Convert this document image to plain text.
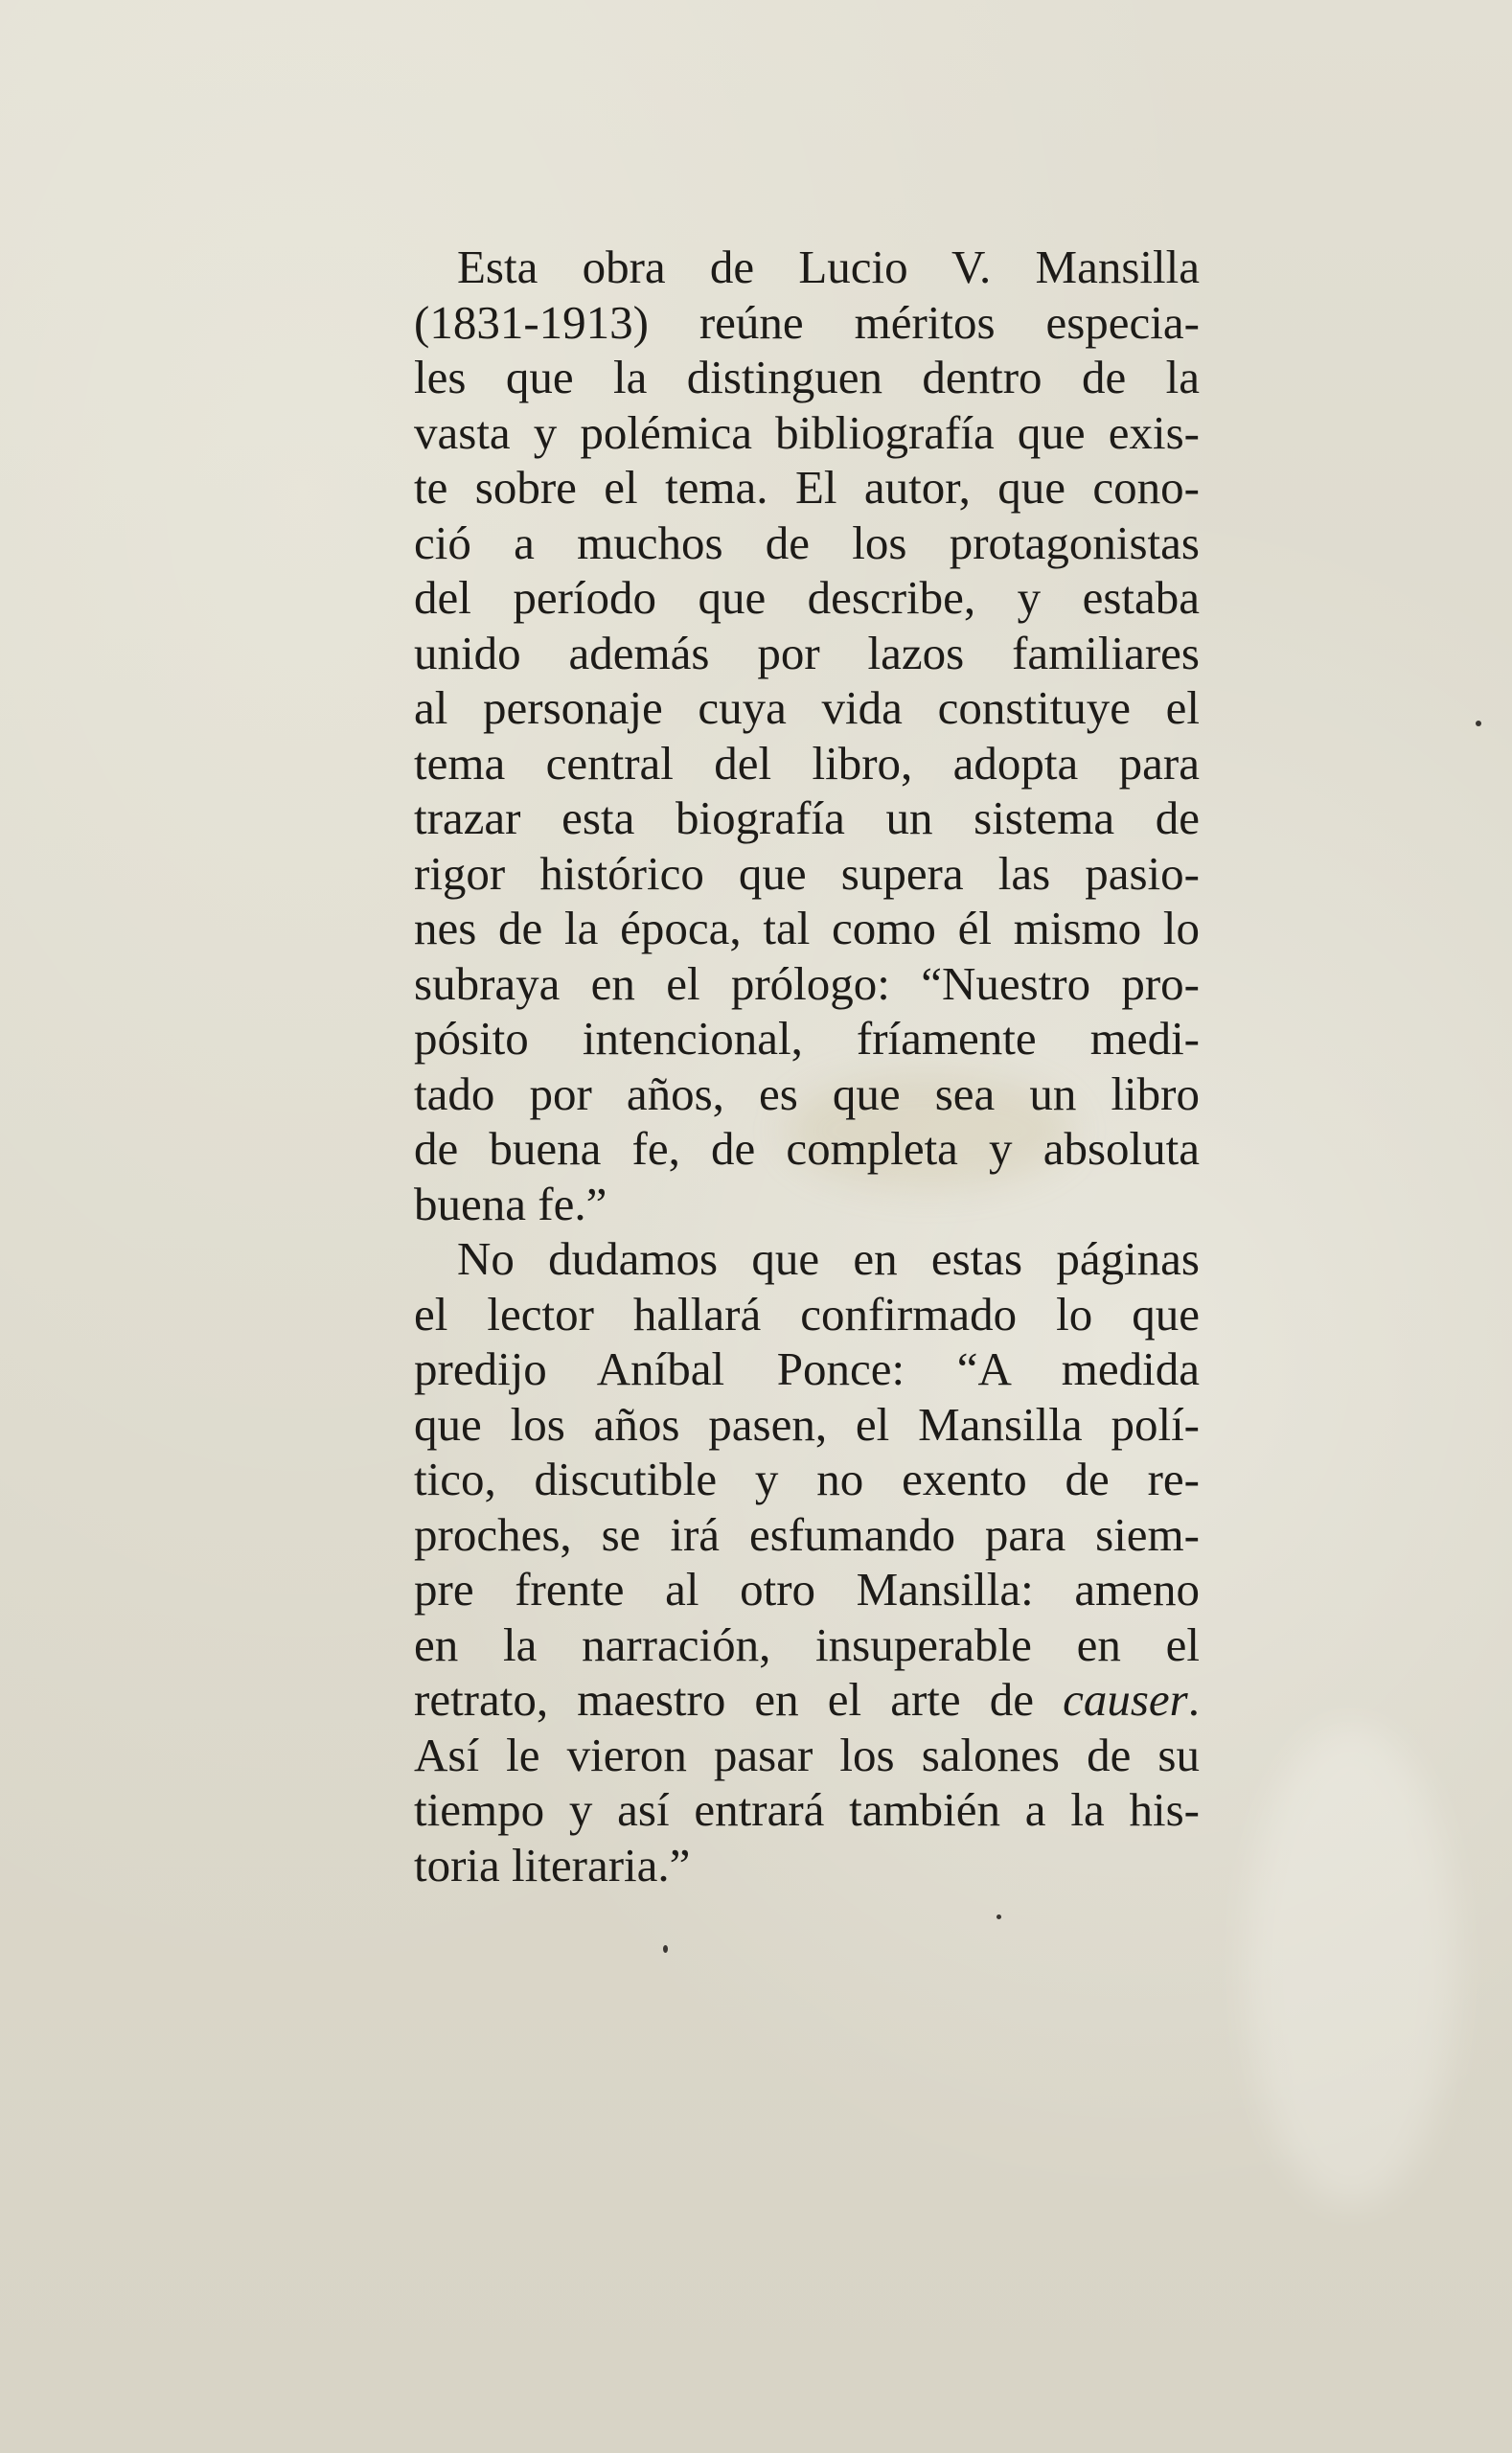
Esta obra de Lucio V. Mansilla
(1831-1913) reúne méritos especia-
les que la distinguen dentro de la
vasta y polémica bibliografía que exis-
te sobre el tema. El autor, que cono-
ció a muchos de los protagonistas
del período que describe, y estaba
unido además por lazos familiares
al personaje cuya vida constituye el
tema central del libro, adopta para
trazar esta biografía un sistema de
rigor histórico que supera las pasio-
nes de la época, tal como él mismo lo
subraya en el prólogo: “Nuestro pro-
pósito intencional, fríamente medi-
tado por años, es que sea un libro
de buena fe, de completa y absoluta
buena fe.”

No dudamos que en estas páginas
el lector hallará confirmado lo que
predijo Aníbal Ponce: “A medida
que los años pasen, el Mansilla polí-
tico, discutible y no exento de re-
proches, se irá esfumando para siem-
pre frente al otro Mansilla: ameno
en la narración, insuperable en el
retrato, maestro en el arte de causer.
Así le vieron pasar los salones de su
tiempo y así entrará también a la his-
toria literaria.”
